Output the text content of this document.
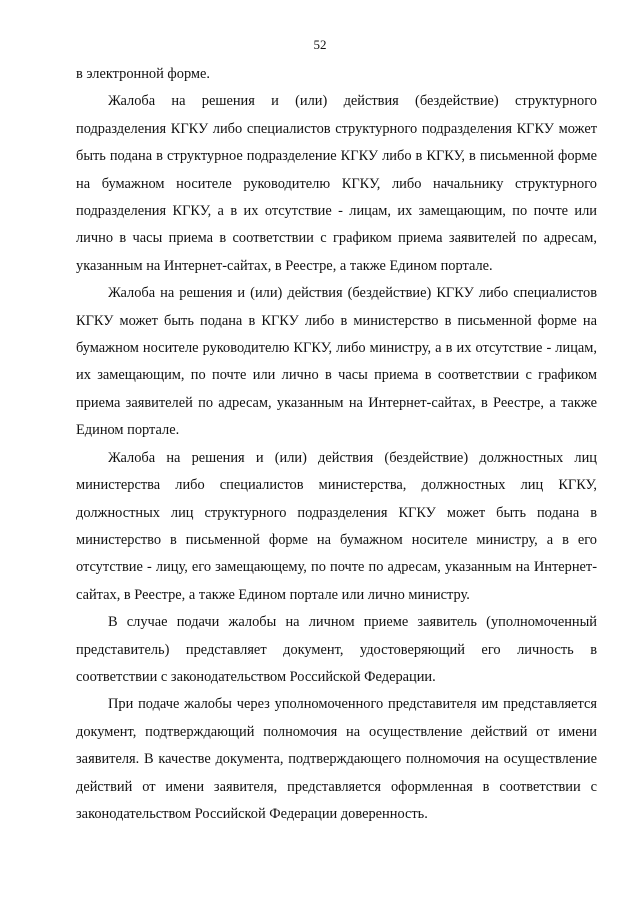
52

в электронной форме.

Жалоба на решения и (или) действия (бездействие) структурного подразделения КГКУ либо специалистов структурного подразделения КГКУ может быть подана в структурное подразделение КГКУ либо в КГКУ, в письменной форме на бумажном носителе руководителю КГКУ, либо начальнику структурного подразделения КГКУ, а в их отсутствие - лицам, их замещающим, по почте или лично в часы приема в соответствии с графиком приема заявителей по адресам, указанным на Интернет-сайтах, в Реестре, а также Едином портале.

Жалоба на решения и (или) действия (бездействие) КГКУ либо специалистов КГКУ может быть подана в КГКУ либо в министерство в письменной форме на бумажном носителе руководителю КГКУ, либо министру, а в их отсутствие - лицам, их замещающим, по почте или лично в часы приема в соответствии с графиком приема заявителей по адресам, указанным на Интернет-сайтах, в Реестре, а также Едином портале.

Жалоба на решения и (или) действия (бездействие) должностных лиц министерства либо специалистов министерства, должностных лиц КГКУ, должностных лиц структурного подразделения КГКУ может быть подана в министерство в письменной форме на бумажном носителе министру, а в его отсутствие - лицу, его замещающему, по почте по адресам, указанным на Интернет-сайтах, в Реестре, а также Едином портале или лично министру.

В случае подачи жалобы на личном приеме заявитель (уполномоченный представитель) представляет документ, удостоверяющий его личность в соответствии с законодательством Российской Федерации.

При подаче жалобы через уполномоченного представителя им представляется документ, подтверждающий полномочия на осуществление действий от имени заявителя. В качестве документа, подтверждающего полномочия на осуществление действий от имени заявителя, представляется оформленная в соответствии с законодательством Российской Федерации доверенность.
